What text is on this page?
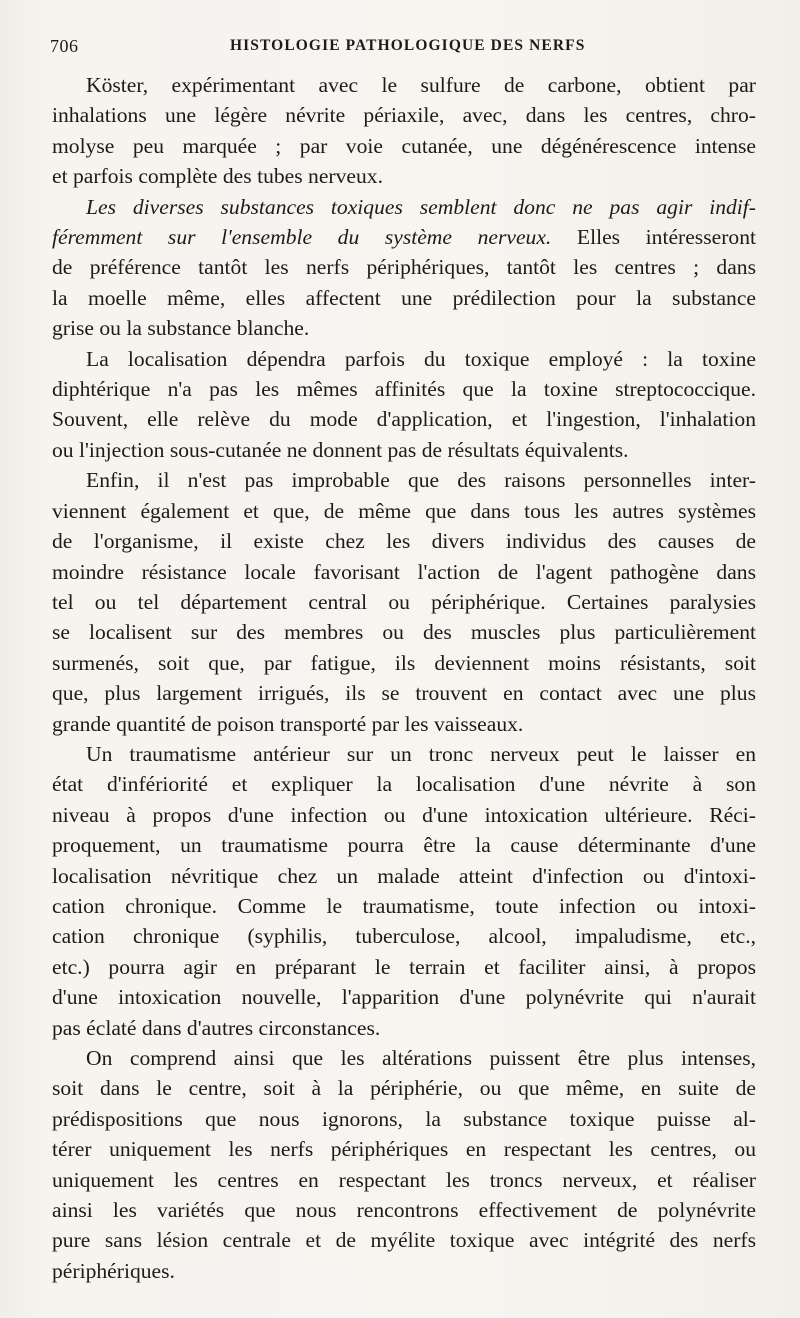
706	HISTOLOGIE PATHOLOGIQUE DES NERFS

Köster, expérimentant avec le sulfure de carbone, obtient par
inhalations une légère névrite périaxile, avec, dans les centres, chro-
molyse peu marquée ; par voie cutanée, une dégénérescence intense
et parfois complète des tubes nerveux.

Les diverses substances toxiques semblent donc ne pas agir indif-
féremment sur l'ensemble du système nerveux. Elles intéresseront
de préférence tantôt les nerfs périphériques, tantôt les centres ; dans
la moelle même, elles affectent une prédilection pour la substance
grise ou la substance blanche.

La localisation dépendra parfois du toxique employé : la toxine
diphtérique n'a pas les mêmes affinités que la toxine streptococcique.
Souvent, elle relève du mode d'application, et l'ingestion, l'inhalation
ou l'injection sous-cutanée ne donnent pas de résultats équivalents.

Enfin, il n'est pas improbable que des raisons personnelles inter-
viennent également et que, de même que dans tous les autres systèmes
de l'organisme, il existe chez les divers individus des causes de
moindre résistance locale favorisant l'action de l'agent pathogène dans
tel ou tel département central ou périphérique. Certaines paralysies
se localisent sur des membres ou des muscles plus particulièrement
surmenés, soit que, par fatigue, ils deviennent moins résistants, soit
que, plus largement irrigués, ils se trouvent en contact avec une plus
grande quantité de poison transporté par les vaisseaux.

Un traumatisme antérieur sur un tronc nerveux peut le laisser en
état d'infériorité et expliquer la localisation d'une névrite à son
niveau à propos d'une infection ou d'une intoxication ultérieure. Réci-
proquement, un traumatisme pourra être la cause déterminante d'une
localisation névritique chez un malade atteint d'infection ou d'intoxi-
cation chronique. Comme le traumatisme, toute infection ou intoxi-
cation chronique (syphilis, tuberculose, alcool, impaludisme, etc.,
etc.) pourra agir en préparant le terrain et faciliter ainsi, à propos
d'une intoxication nouvelle, l'apparition d'une polynévrite qui n'aurait
pas éclaté dans d'autres circonstances.

On comprend ainsi que les altérations puissent être plus intenses,
soit dans le centre, soit à la périphérie, ou que même, en suite de
prédispositions que nous ignorons, la substance toxique puisse al-
térer uniquement les nerfs périphériques en respectant les centres, ou
uniquement les centres en respectant les troncs nerveux, et réaliser
ainsi les variétés que nous rencontrons effectivement de polynévrite
pure sans lésion centrale et de myélite toxique avec intégrité des nerfs
périphériques.
